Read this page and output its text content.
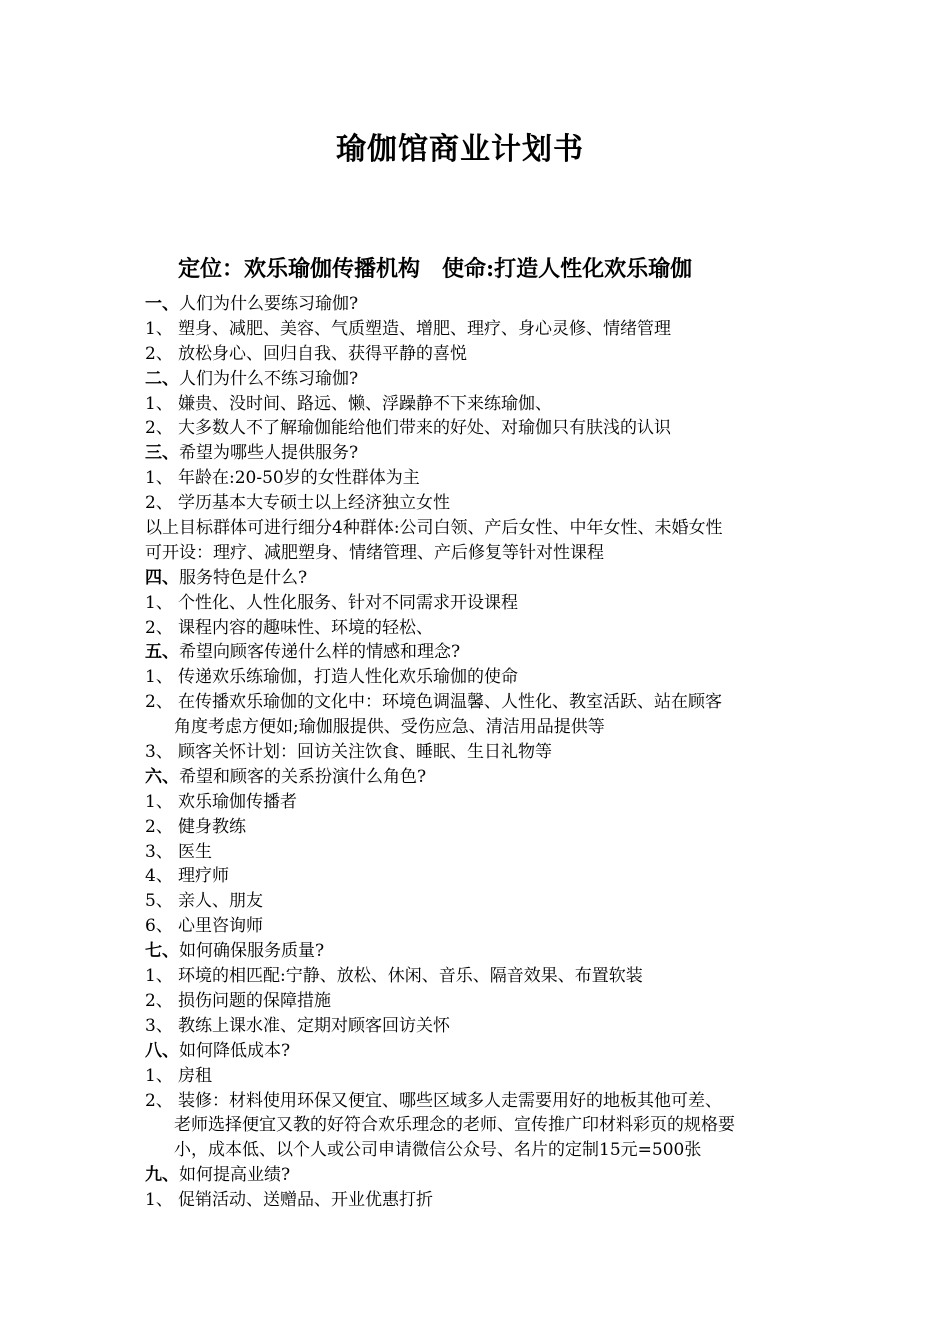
瑜伽馆商业计划书
定位：欢乐瑜伽传播机构 使命:打造人性化欢乐瑜伽
一、人们为什么要练习瑜伽?
1、 塑身、减肥、美容、气质塑造、增肥、理疗、身心灵修、情绪管理
2、 放松身心、回归自我、获得平静的喜悦
二、人们为什么不练习瑜伽?
1、 嫌贵、没时间、路远、懒、浮躁静不下来练瑜伽、
2、 大多数人不了解瑜伽能给他们带来的好处、对瑜伽只有肤浅的认识
三、希望为哪些人提供服务?
1、 年龄在:20-50岁的女性群体为主
2、 学历基本大专硕士以上经济独立女性
以上目标群体可进行细分4种群体:公司白领、产后女性、中年女性、未婚女性
可开设：理疗、减肥塑身、情绪管理、产后修复等针对性课程
四、服务特色是什么?
1、 个性化、人性化服务、针对不同需求开设课程
2、 课程内容的趣味性、环境的轻松、
五、希望向顾客传递什么样的情感和理念?
1、 传递欢乐练瑜伽，打造人性化欢乐瑜伽的使命
2、 在传播欢乐瑜伽的文化中：环境色调温馨、人性化、教室活跃、站在顾客
角度考虑方便如;瑜伽服提供、受伤应急、清洁用品提供等
3、 顾客关怀计划：回访关注饮食、睡眠、生日礼物等
六、希望和顾客的关系扮演什么角色?
1、 欢乐瑜伽传播者
2、 健身教练
3、 医生
4、 理疗师
5、 亲人、朋友
6、 心里咨询师
七、如何确保服务质量?
1、 环境的相匹配:宁静、放松、休闲、音乐、隔音效果、布置软装
2、 损伤问题的保障措施
3、 教练上课水准、定期对顾客回访关怀
八、如何降低成本?
1、 房租
2、 装修：材料使用环保又便宜、哪些区域多人走需要用好的地板其他可差、
老师选择便宜又教的好符合欢乐理念的老师、宣传推广印材料彩页的规格要
小，成本低、以个人或公司申请微信公众号、名片的定制15元=500张
九、如何提高业绩?
1、 促销活动、送赠品、开业优惠打折
